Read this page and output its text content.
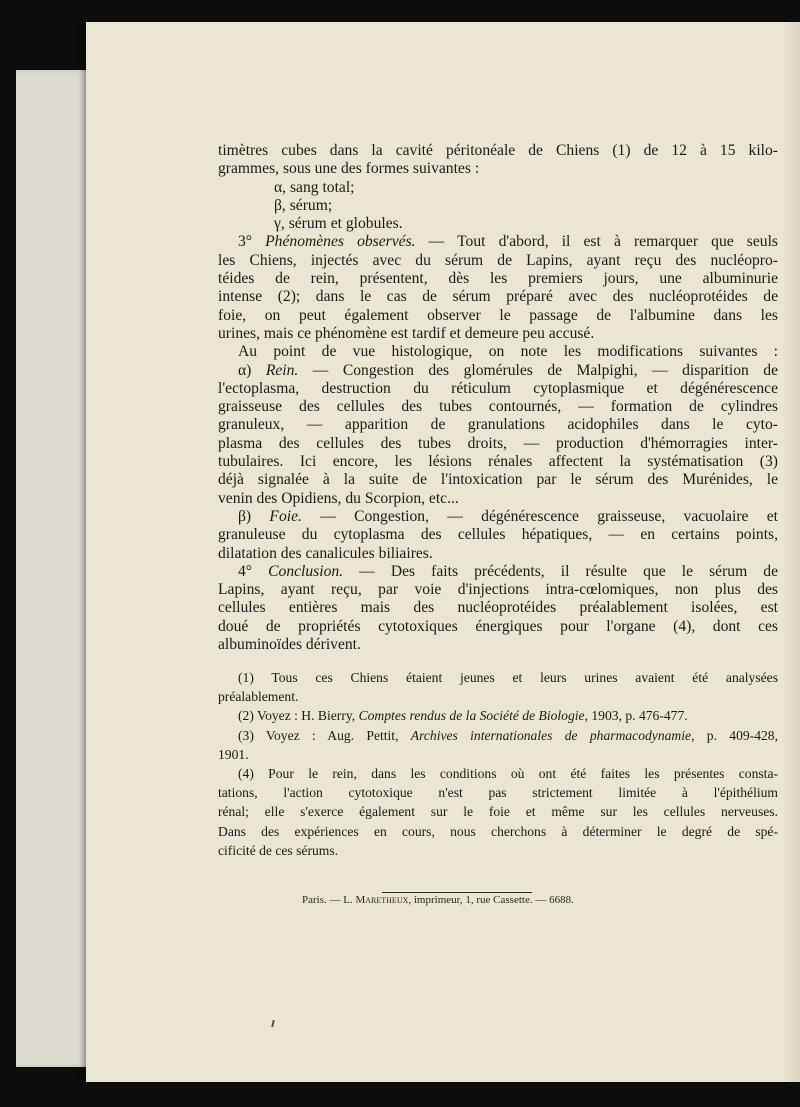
timètres cubes dans la cavité péritonéale de Chiens (1) de 12 à 15 kilo-
grammes, sous une des formes suivantes :
α, sang total;
β, sérum;
γ, sérum et globules.
3° Phénomènes observés. — Tout d'abord, il est à remarquer que seuls
les Chiens, injectés avec du sérum de Lapins, ayant reçu des nucléopro-
téides de rein, présentent, dès les premiers jours, une albuminurie
intense (2); dans le cas de sérum préparé avec des nucléoprotéides de
foie, on peut également observer le passage de l'albumine dans les
urines, mais ce phénomène est tardif et demeure peu accusé.
Au point de vue histologique, on note les modifications suivantes :
α) Rein. — Congestion des glomérules de Malpighi, — disparition de
l'ectoplasma, destruction du réticulum cytoplasmique et dégénérescence
graisseuse des cellules des tubes contournés, — formation de cylindres
granuleux, — apparition de granulations acidophiles dans le cyto-
plasma des cellules des tubes droits, — production d'hémorragies inter-
tubulaires. Ici encore, les lésions rénales affectent la systématisation (3)
déjà signalée à la suite de l'intoxication par le sérum des Murénides, le
venin des Opidiens, du Scorpion, etc...
β) Foie. — Congestion, — dégénérescence graisseuse, vacuolaire et
granuleuse du cytoplasma des cellules hépatiques, — en certains points,
dilatation des canalicules biliaires.
4° Conclusion. — Des faits précédents, il résulte que le sérum de
Lapins, ayant reçu, par voie d'injections intra-cœlomiques, non plus des
cellules entières mais des nucléoprotéides préalablement isolées, est
doué de propriétés cytotoxiques énergiques pour l'organe (4), dont ces
albuminoïdes dérivent.
(1) Tous ces Chiens étaient jeunes et leurs urines avaient été analysées
préalablement.
(2) Voyez : H. Bierry, Comptes rendus de la Société de Biologie, 1903, p. 476-477.
(3) Voyez : Aug. Pettit, Archives internationales de pharmacodynamie, p. 409-428,
1901.
(4) Pour le rein, dans les conditions où ont été faites les présentes consta-
tations, l'action cytotoxique n'est pas strictement limitée à l'épithélium
rénal; elle s'exerce également sur le foie et même sur les cellules nerveuses.
Dans des expériences en cours, nous cherchons à déterminer le degré de spé-
cificité de ces sérums.
Paris. — L. Maretheux, imprimeur, 1, rue Cassette. — 6688.
